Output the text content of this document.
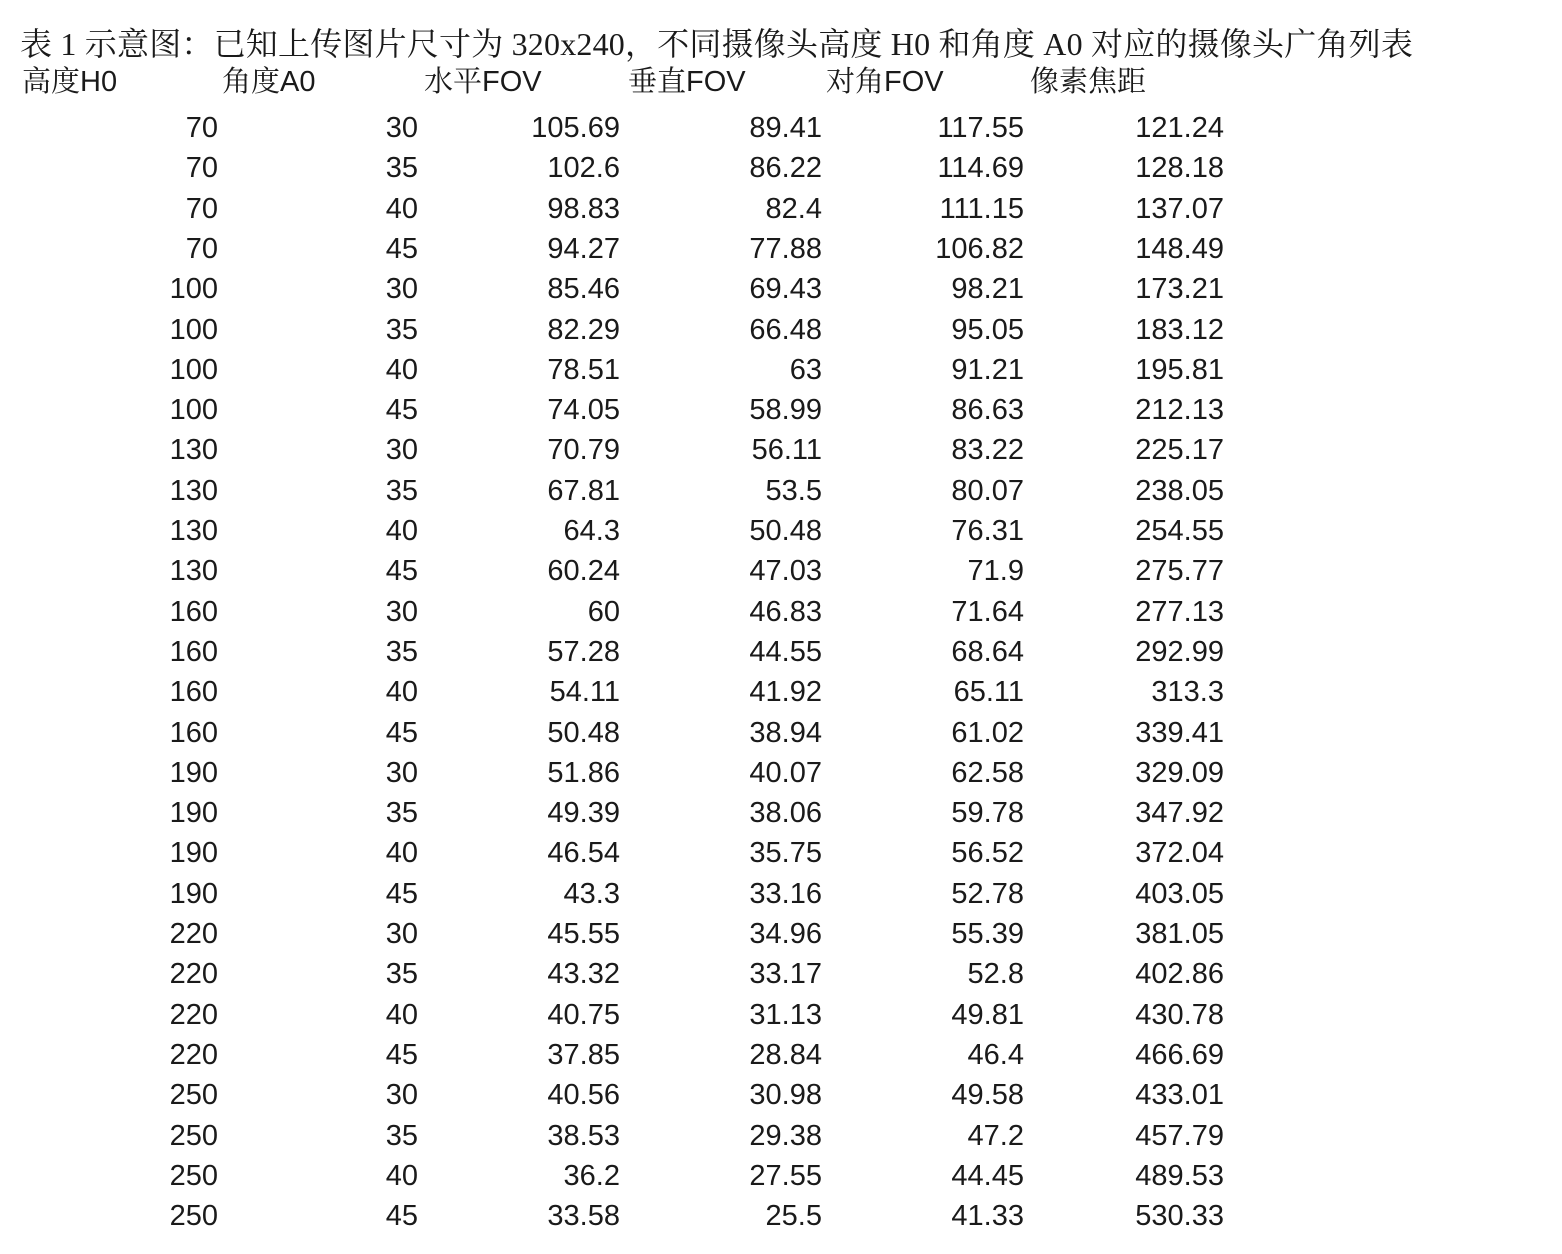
表 1 示意图：已知上传图片尺寸为 320x240，不同摄像头高度 H0 和角度 A0 对应的摄像头广角列表
高度H0	角度A0	水平FOV	垂直FOV	对角FOV	像素焦距
70	30	105.69	89.41	117.55	121.24
70	35	102.6	86.22	114.69	128.18
70	40	98.83	82.4	111.15	137.07
70	45	94.27	77.88	106.82	148.49
100	30	85.46	69.43	98.21	173.21
100	35	82.29	66.48	95.05	183.12
100	40	78.51	63	91.21	195.81
100	45	74.05	58.99	86.63	212.13
130	30	70.79	56.11	83.22	225.17
130	35	67.81	53.5	80.07	238.05
130	40	64.3	50.48	76.31	254.55
130	45	60.24	47.03	71.9	275.77
160	30	60	46.83	71.64	277.13
160	35	57.28	44.55	68.64	292.99
160	40	54.11	41.92	65.11	313.3
160	45	50.48	38.94	61.02	339.41
190	30	51.86	40.07	62.58	329.09
190	35	49.39	38.06	59.78	347.92
190	40	46.54	35.75	56.52	372.04
190	45	43.3	33.16	52.78	403.05
220	30	45.55	34.96	55.39	381.05
220	35	43.32	33.17	52.8	402.86
220	40	40.75	31.13	49.81	430.78
220	45	37.85	28.84	46.4	466.69
250	30	40.56	30.98	49.58	433.01
250	35	38.53	29.38	47.2	457.79
250	40	36.2	27.55	44.45	489.53
250	45	33.58	25.5	41.33	530.33
